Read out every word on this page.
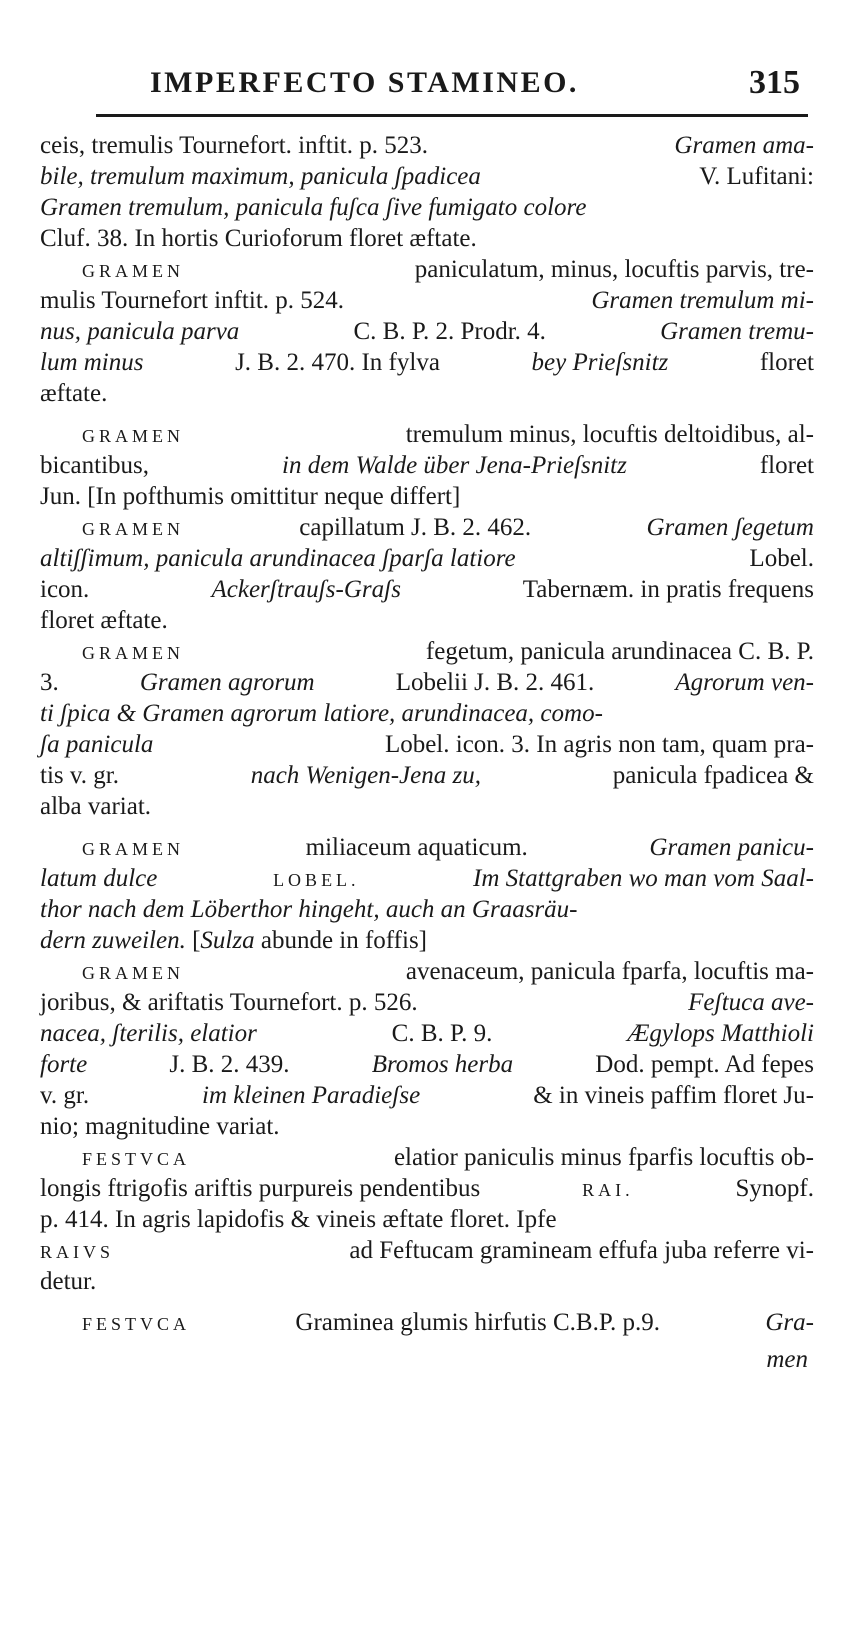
IMPERFECTO STAMINEO.	315
ceis, tremulis Tournefort. inftit. p. 523.	Gramen ama-
bile, tremulum maximum, panicula ʃpadicea	V. Lufitani:
Gramen tremulum, panicula fuʃca ʃive fumigato colore
Cluf. 38. In hortis Curioforum floret æftate.
GRAMEN	paniculatum, minus, locuftis parvis, tre-
mulis Tournefort inftit. p. 524.	Gramen tremulum mi-
nus, panicula parva	C. B. P. 2. Prodr. 4.	Gramen tremu-
lum minus	J. B. 2. 470. In fylva	bey Prieſsnitz	floret
æftate.
GRAMEN	tremulum minus, locuftis deltoidibus, al-
bicantibus,	in dem Walde über Jena-Prieſsnitz	floret
Jun. [In pofthumis omittitur neque differt]
GRAMEN	capillatum J. B. 2. 462.	Gramen ʃegetum
altiʃʃimum, panicula arundinacea ʃparʃa latiore	Lobel.
icon.	Ackerʃtrauʃs-Graʃs	Tabernæm. in pratis frequens
floret æftate.
GRAMEN	fegetum, panicula arundinacea C. B. P.
3.	Gramen agrorum	Lobelii J. B. 2. 461.	Agrorum ven-
ti ʃpica & Gramen agrorum latiore, arundinacea, como-
ʃa panicula	Lobel. icon. 3. In agris non tam, quam pra-
tis v. gr.	nach Wenigen-Jena zu,	panicula fpadicea &
alba variat.
GRAMEN	miliaceum aquaticum.	Gramen panicu-
latum dulce	LOBEL.	Im Stattgraben wo man vom Saal-
thor nach dem Löberthor hingeht, auch an Graasräu-
dern zuweilen. [ Sulza abunde in foffis]
GRAMEN	avenaceum, panicula fparfa, locuftis ma-
joribus, & ariftatis Tournefort. p. 526.	Feʃtuca ave-
nacea, ʃterilis, elatior	C. B. P. 9.	Ægylops Matthioli
forte	J. B. 2. 439.	Bromos herba	Dod. pempt. Ad fepes
v. gr.	im kleinen Paradieʃse	& in vineis paffim floret Ju-
nio; magnitudine variat.
FESTVCA	elatior paniculis minus fparfis locuftis ob-
longis ftrigofis ariftis purpureis pendentibus	RAI.	Synopf.
p. 414. In agris lapidofis & vineis æftate floret. Ipfe
RAIVS	ad Feftucam gramineam effufa juba referre vi-
detur.
FESTVCA	Graminea glumis hirfutis C.B.P. p.9.	Gra-
men
